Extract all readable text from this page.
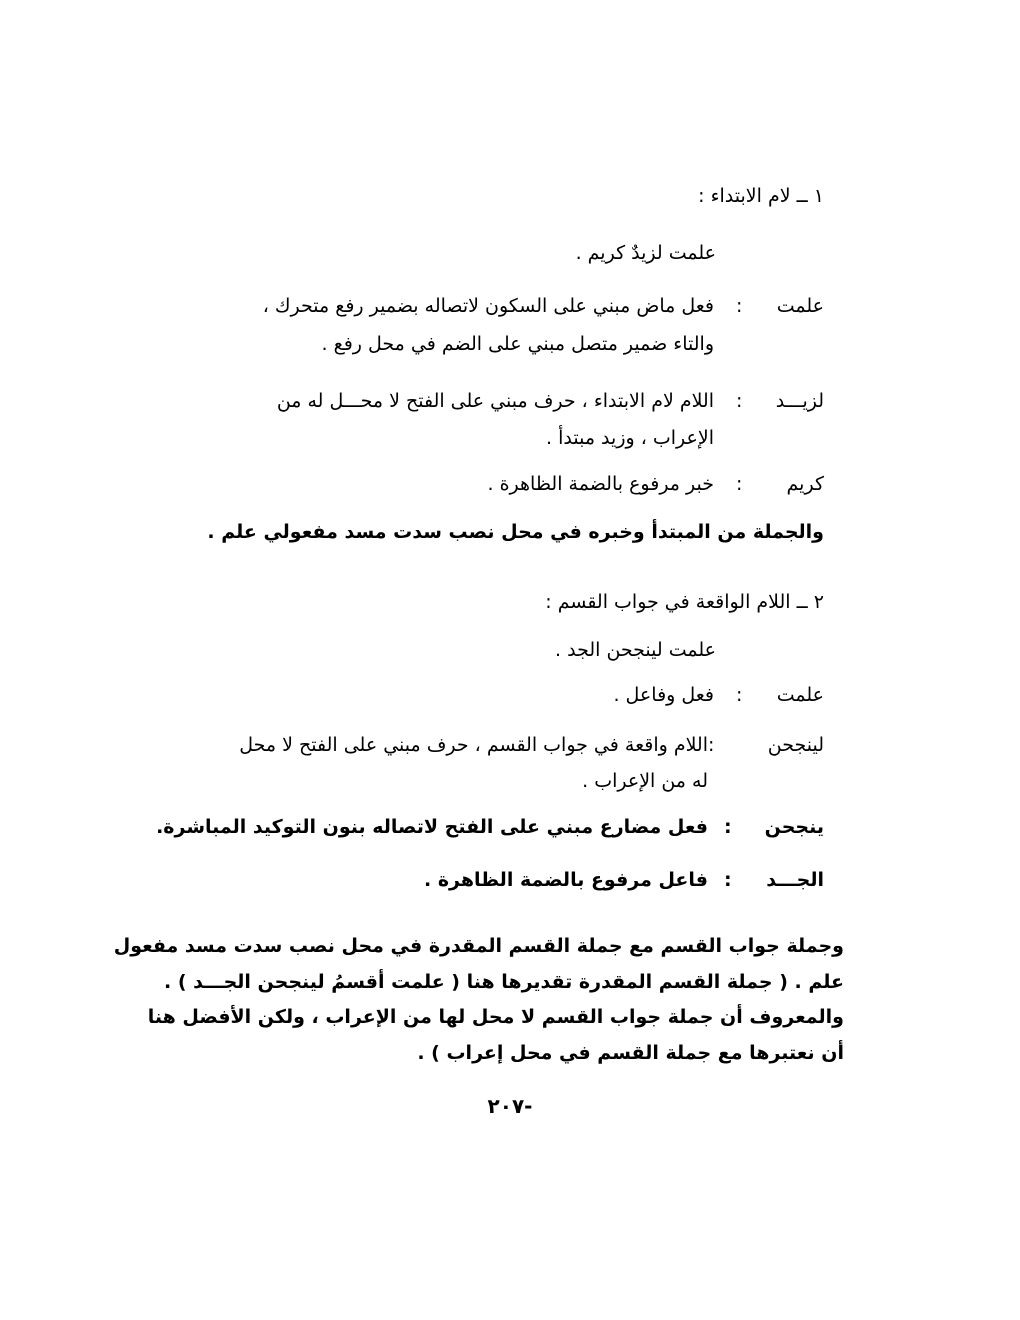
١ ــ لام الابتداء :
علمت لزيدٌ كريم .
علمت
:
فعل ماض مبني على السكون لاتصاله بضمير رفع متحرك ،
والتاء ضمير متصل مبني على الضم في محل رفع .
لزيـــد
:
اللام لام الابتداء ، حرف مبني على الفتح لا محـــل له من
الإعراب ، وزيد مبتدأ .
كريم
:
خبر مرفوع بالضمة الظاهرة .
والجملة من المبتدأ وخبره في محل نصب سدت مسد مفعولي علم .
٢ ــ اللام الواقعة في جواب القسم :
علمت لينجحن الجد .
علمت
:
فعل وفاعل .
لينجحن
:
اللام واقعة في جواب القسم ، حرف مبني على الفتح لا محل
له من الإعراب .
ينجحن
:
فعل مضارع مبني على الفتح لاتصاله بنون التوكيد المباشرة.
الجـــد
:
فاعل مرفوع بالضمة الظاهرة .
وجملة جواب القسم مع جملة القسم المقدرة في محل نصب سدت مسد مفعول
علم . ( جملة القسم المقدرة تقديرها هنا ( علمت أقسمُ لينجحن الجـــد ) .
والمعروف أن جملة جواب القسم لا محل لها من الإعراب ، ولكن الأفضل هنا
أن نعتبرها مع جملة القسم في محل إعراب ) .
-٢٠٧
